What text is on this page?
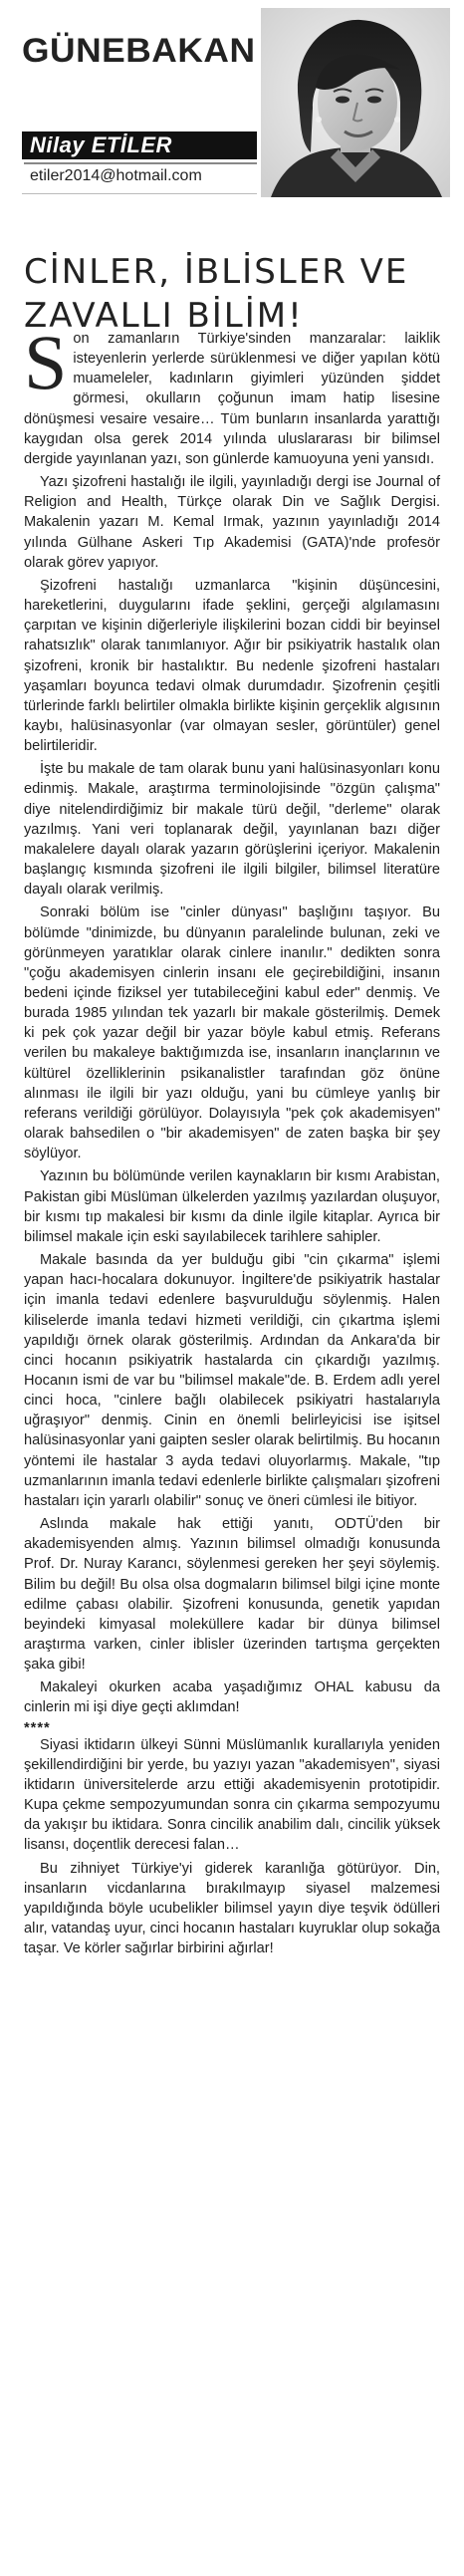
GÜNEBAKAN
Nilay ETİLER
etiler2014@hotmail.com
CİNLER, İBLİSLER VE
ZAVALLI BİLİM!

Son zamanların Türkiye'sinden manzaralar: laiklik isteyenlerin yerlerde sürüklenmesi ve diğer yapılan kötü muameleler, kadınların giyimleri yüzünden şiddet görmesi, okulların çoğunun imam hatip lisesine dönüşmesi vesaire vesaire… Tüm bunların insanlarda yarattığı kaygıdan olsa gerek 2014 yılında uluslararası bir bilimsel dergide yayınlanan yazı, son günlerde kamuoyuna yeni yansıdı.

Yazı şizofreni hastalığı ile ilgili, yayınladığı dergi ise Journal of Religion and Health, Türkçe olarak Din ve Sağlık Dergisi. Makalenin yazarı M. Kemal Irmak, yazının yayınladığı 2014 yılında Gülhane Askeri Tıp Akademisi (GATA)'nde profesör olarak görev yapıyor.

Şizofreni hastalığı uzmanlarca "kişinin düşüncesini, hareketlerini, duygularını ifade şeklini, gerçeği algılamasını çarpıtan ve kişinin diğerleriyle ilişkilerini bozan ciddi bir beyinsel rahatsızlık" olarak tanımlanıyor. Ağır bir psikiyatrik hastalık olan şizofreni, kronik bir hastalıktır. Bu nedenle şizofreni hastaları yaşamları boyunca tedavi olmak durumdadır. Şizofrenin çeşitli türlerinde farklı belirtiler olmakla birlikte kişinin gerçeklik algısının kaybı, halüsinasyonlar (var olmayan sesler, görüntüler) genel belirtileridir.

İşte bu makale de tam olarak bunu yani halüsinasyonları konu edinmiş. Makale, araştırma terminolojisinde "özgün çalışma" diye nitelendirdiğimiz bir makale türü değil, "derleme" olarak yazılmış. Yani veri toplanarak değil, yayınlanan bazı diğer makalelere dayalı olarak yazarın görüşlerini içeriyor. Makalenin başlangıç kısmında şizofreni ile ilgili bilgiler, bilimsel literatüre dayalı olarak verilmiş.

Sonraki bölüm ise "cinler dünyası" başlığını taşıyor. Bu bölümde "dinimizde, bu dünyanın paralelinde bulunan, zeki ve görünmeyen yaratıklar olarak cinlere inanılır." dedikten sonra "çoğu akademisyen cinlerin insanı ele geçirebildiğini, insanın bedeni içinde fiziksel yer tutabileceğini kabul eder" denmiş. Ve burada 1985 yılından tek yazarlı bir makale gösterilmiş. Demek ki pek çok yazar değil bir yazar böyle kabul etmiş. Referans verilen bu makaleye baktığımızda ise, insanların inançlarının ve kültürel özelliklerinin psikanalistler tarafından göz önüne alınması ile ilgili bir yazı olduğu, yani bu cümleye yanlış bir referans verildiği görülüyor. Dolayısıyla "pek çok akademisyen" olarak bahsedilen o "bir akademisyen" de zaten başka bir şey söylüyor.

Yazının bu bölümünde verilen kaynakların bir kısmı Arabistan, Pakistan gibi Müslüman ülkelerden yazılmış yazılardan oluşuyor, bir kısmı tıp makalesi bir kısmı da dinle ilgile kitaplar. Ayrıca bir bilimsel makale için eski sayılabilecek tarihlere sahipler.

Makale basında da yer bulduğu gibi "cin çıkarma" işlemi yapan hacı-hocalara dokunuyor. İngiltere'de psikiyatrik hastalar için imanla tedavi edenlere başvurulduğu söylenmiş. Halen kiliselerde imanla tedavi hizmeti verildiği, cin çıkartma işlemi yapıldığı örnek olarak gösterilmiş. Ardından da Ankara'da bir cinci hocanın psikiyatrik hastalarda cin çıkardığı yazılmış. Hocanın ismi de var bu "bilimsel makale"de. B. Erdem adlı yerel cinci hoca, "cinlere bağlı olabilecek psikiyatri hastalarıyla uğraşıyor" denmiş. Cinin en önemli belirleyicisi ise işitsel halüsinasyonlar yani gaipten sesler olarak belirtilmiş. Bu hocanın yöntemi ile hastalar 3 ayda tedavi oluyorlarmış. Makale, "tıp uzmanlarının imanla tedavi edenlerle birlikte çalışmaları şizofreni hastaları için yararlı olabilir" sonuç ve öneri cümlesi ile bitiyor.

Aslında makale hak ettiği yanıtı, ODTÜ'den bir akademisyenden almış. Yazının bilimsel olmadığı konusunda Prof. Dr. Nuray Karancı, söylenmesi gereken her şeyi söylemiş. Bilim bu değil! Bu olsa olsa dogmaların bilimsel bilgi içine monte edilme çabası olabilir. Şizofreni konusunda, genetik yapıdan beyindeki kimyasal moleküllere kadar bir dünya bilimsel araştırma varken, cinler iblisler üzerinden tartışma gerçekten şaka gibi!

Makaleyi okurken acaba yaşadığımız OHAL kabusu da cinlerin mi işi diye geçti aklımdan!

****

Siyasi iktidarın ülkeyi Sünni Müslümanlık kurallarıyla yeniden şekillendirdiğini bir yerde, bu yazıyı yazan "akademisyen", siyasi iktidarın üniversitelerde arzu ettiği akademisyenin prototipidir. Kupa çekme sempozyumundan sonra cin çıkarma sempozyumu da yakışır bu iktidara. Sonra cincilik anabilim dalı, cincilik yüksek lisansı, doçentlik derecesi falan…

Bu zihniyet Türkiye'yi giderek karanlığa götürüyor. Din, insanların vicdanlarına bırakılmayıp siyasel malzemesi yapıldığında böyle ucubelikler bilimsel yayın diye teşvik ödülleri alır, vatandaş uyur, cinci hocanın hastaları kuyruklar olup sokağa taşar. Ve körler sağırlar birbirini ağırlar!
